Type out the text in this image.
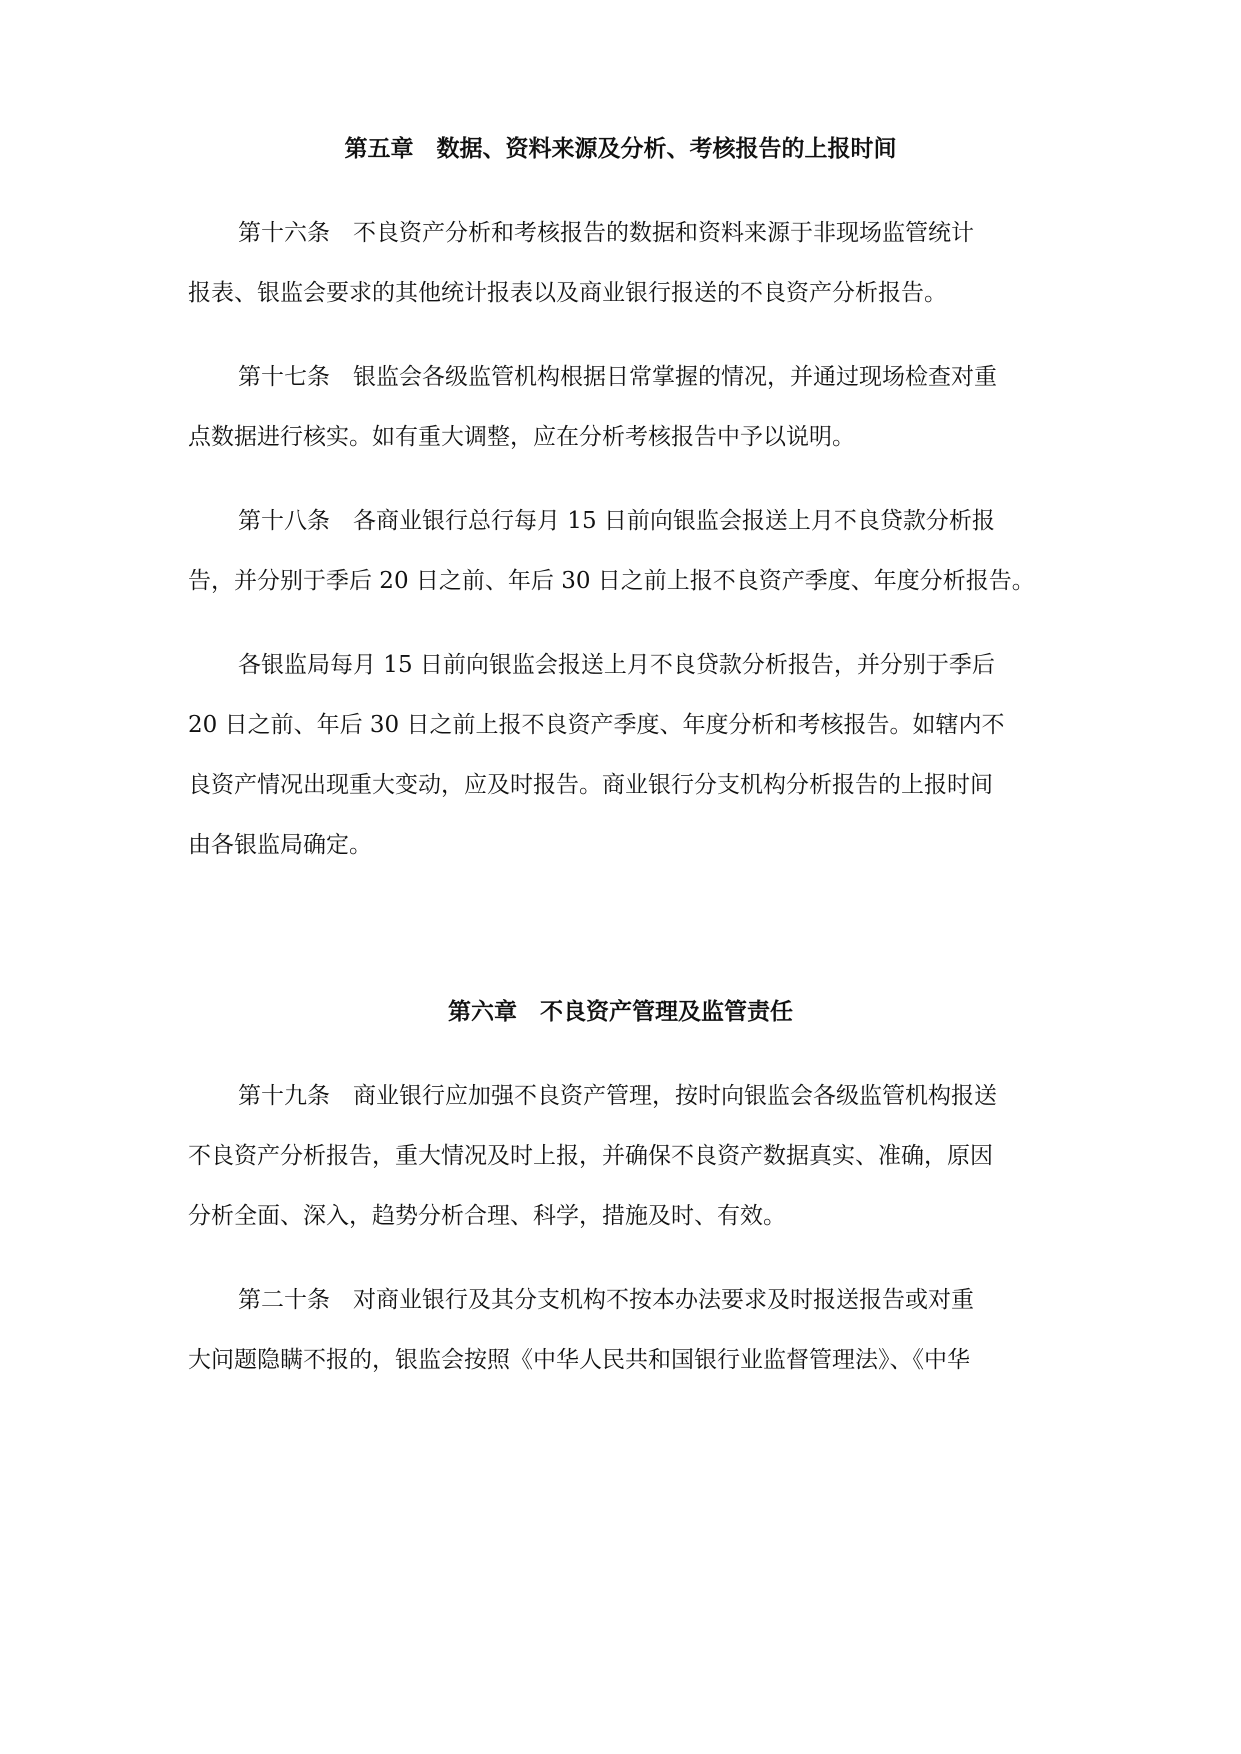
第五章　数据、资料来源及分析、考核报告的上报时间
第十六条　不良资产分析和考核报告的数据和资料来源于非现场监管统计
报表、银监会要求的其他统计报表以及商业银行报送的不良资产分析报告。
第十七条　银监会各级监管机构根据日常掌握的情况，并通过现场检查对重
点数据进行核实。如有重大调整，应在分析考核报告中予以说明。
第十八条　各商业银行总行每月 15 日前向银监会报送上月不良贷款分析报
告，并分别于季后 20 日之前、年后 30 日之前上报不良资产季度、年度分析报告。
各银监局每月 15 日前向银监会报送上月不良贷款分析报告，并分别于季后
20 日之前、年后 30 日之前上报不良资产季度、年度分析和考核报告。如辖内不
良资产情况出现重大变动，应及时报告。商业银行分支机构分析报告的上报时间
由各银监局确定。
第六章　不良资产管理及监管责任
第十九条　商业银行应加强不良资产管理，按时向银监会各级监管机构报送
不良资产分析报告，重大情况及时上报，并确保不良资产数据真实、准确，原因
分析全面、深入，趋势分析合理、科学，措施及时、有效。
第二十条　对商业银行及其分支机构不按本办法要求及时报送报告或对重
大问题隐瞒不报的，银监会按照《中华人民共和国银行业监督管理法》、《中华
